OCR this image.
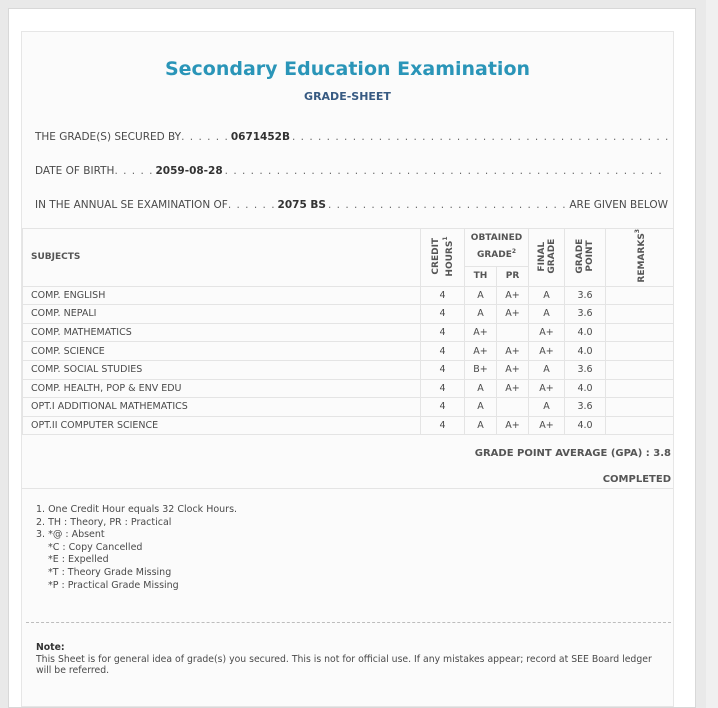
Secondary Education Examination
GRADE-SHEET
THE GRADE(S) SECURED BY . . .	0671452B
. . .
DATE OF BIRTH . . .	2059-08-28
. . .
IN THE ANNUAL SE EXAMINATION OF . . .	2075 BS . . .	ARE GIVEN BELOW
SUBJECTS	CREDIT HOURS$^1$	OBTAINED GRADE$^2$		FINAL GRADE	GRADE POINT	REMARKS$^3$
		TH	PR			
COMP. ENGLISH	4	A	A+	A	3.6	
COMP. NEPALI	4	A	A+	A	3.6	
COMP. MATHEMATICS	4	A+		A+	4.0	
COMP. SCIENCE	4	A+	A+	A+	4.0	
COMP. SOCIAL STUDIES	4	B+	A+	A	3.6	
COMP. HEALTH, POP & ENV EDU	4	A	A+	A+	4.0	
OPT.I ADDITIONAL MATHEMATICS	4	A		A	3.6	
OPT.II COMPUTER SCIENCE	4	A	A+	A+	4.0	
GRADE POINT AVERAGE (GPA) : 3.8
COMPLETED
1. One Credit Hour equals 32 Clock Hours.
2. TH : Theory, PR : Practical
3. *@ : Absent
*C : Copy Cancelled
*E : Expelled
*T : Theory Grade Missing
*P : Practical Grade Missing
Note:
This Sheet is for general idea of grade(s) you secured. This is not for official use. If any mistakes appear; record at SEE Board ledger will be referred.
